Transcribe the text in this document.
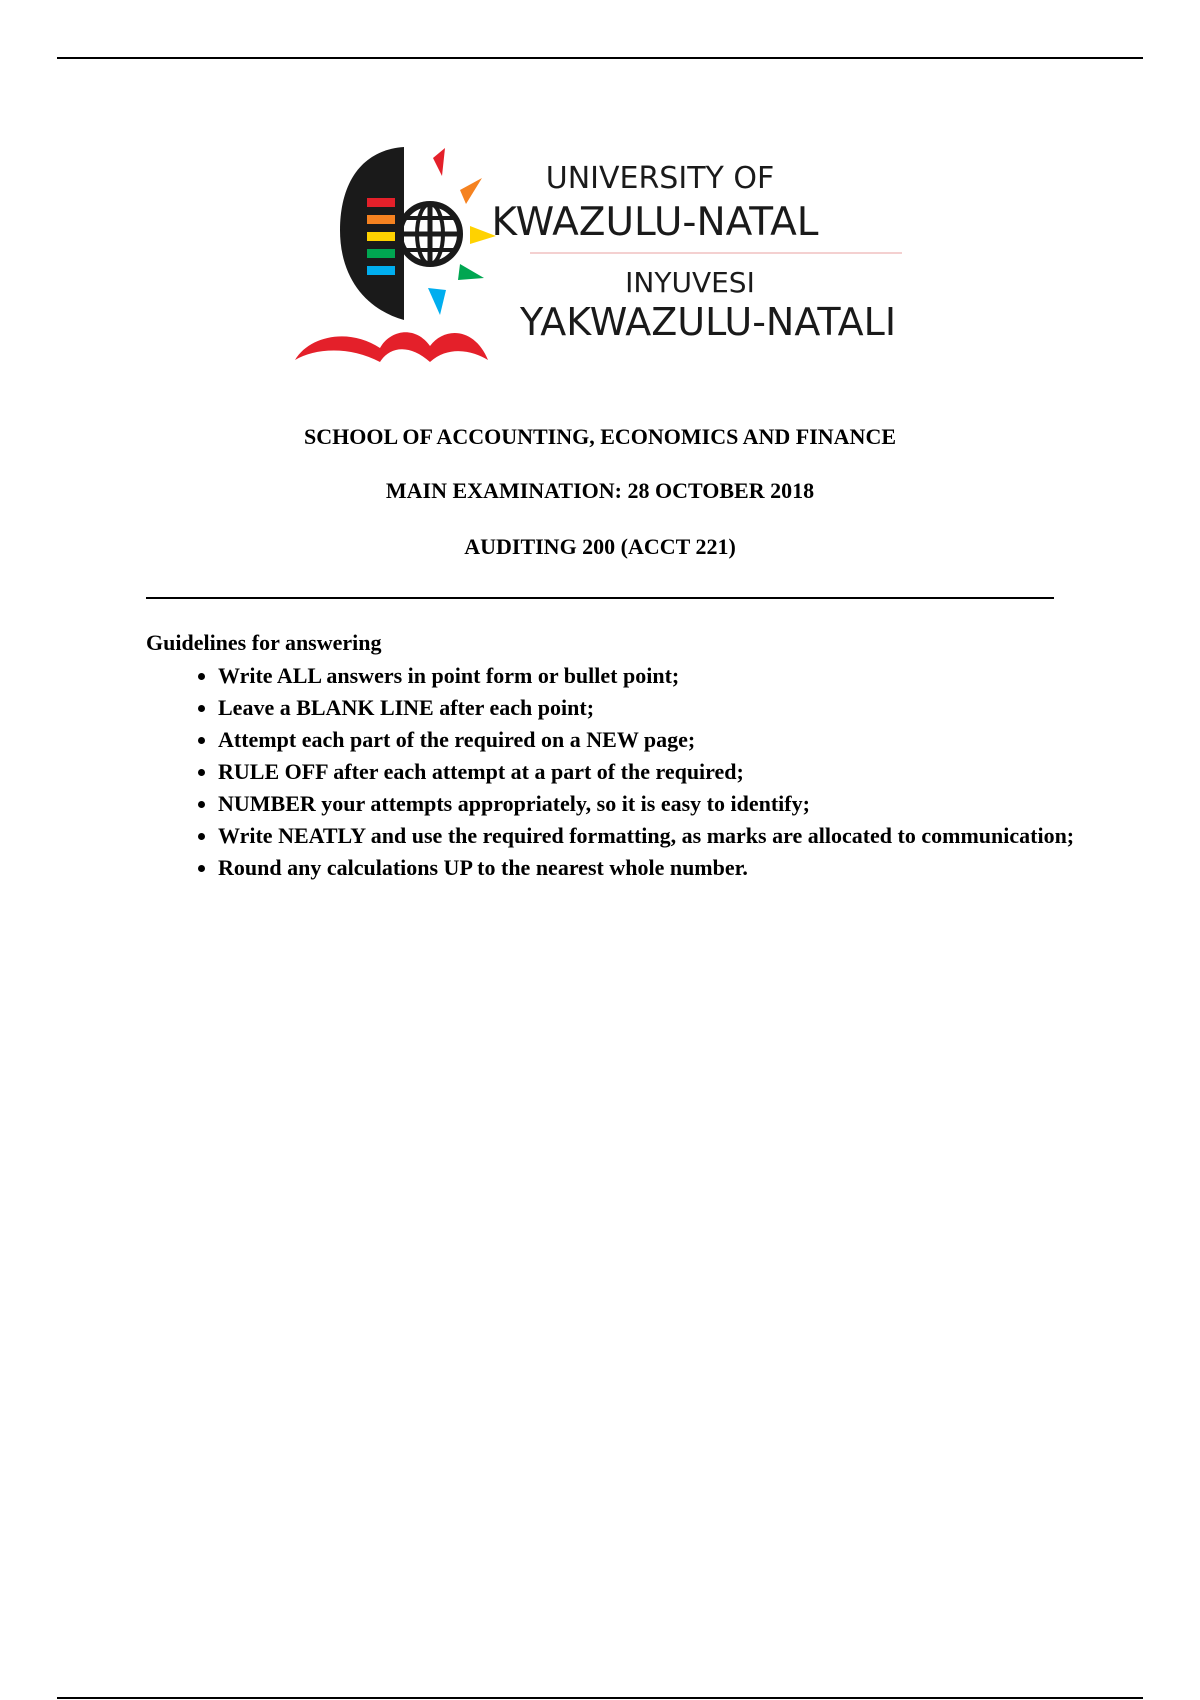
UNIVERSITY OF
KWAZULU-NATAL
INYUVESI
YAKWAZULU-NATALI

SCHOOL OF ACCOUNTING, ECONOMICS AND FINANCE

MAIN EXAMINATION: 28 OCTOBER 2018

AUDITING 200 (ACCT 221)

Guidelines for answering

• Write ALL answers in point form or bullet point;
• Leave a BLANK LINE after each point;
• Attempt each part of the required on a NEW page;
• RULE OFF after each attempt at a part of the required;
• NUMBER your attempts appropriately, so it is easy to identify;
• Write NEATLY and use the required formatting, as marks are allocated to communication;
• Round any calculations UP to the nearest whole number.
